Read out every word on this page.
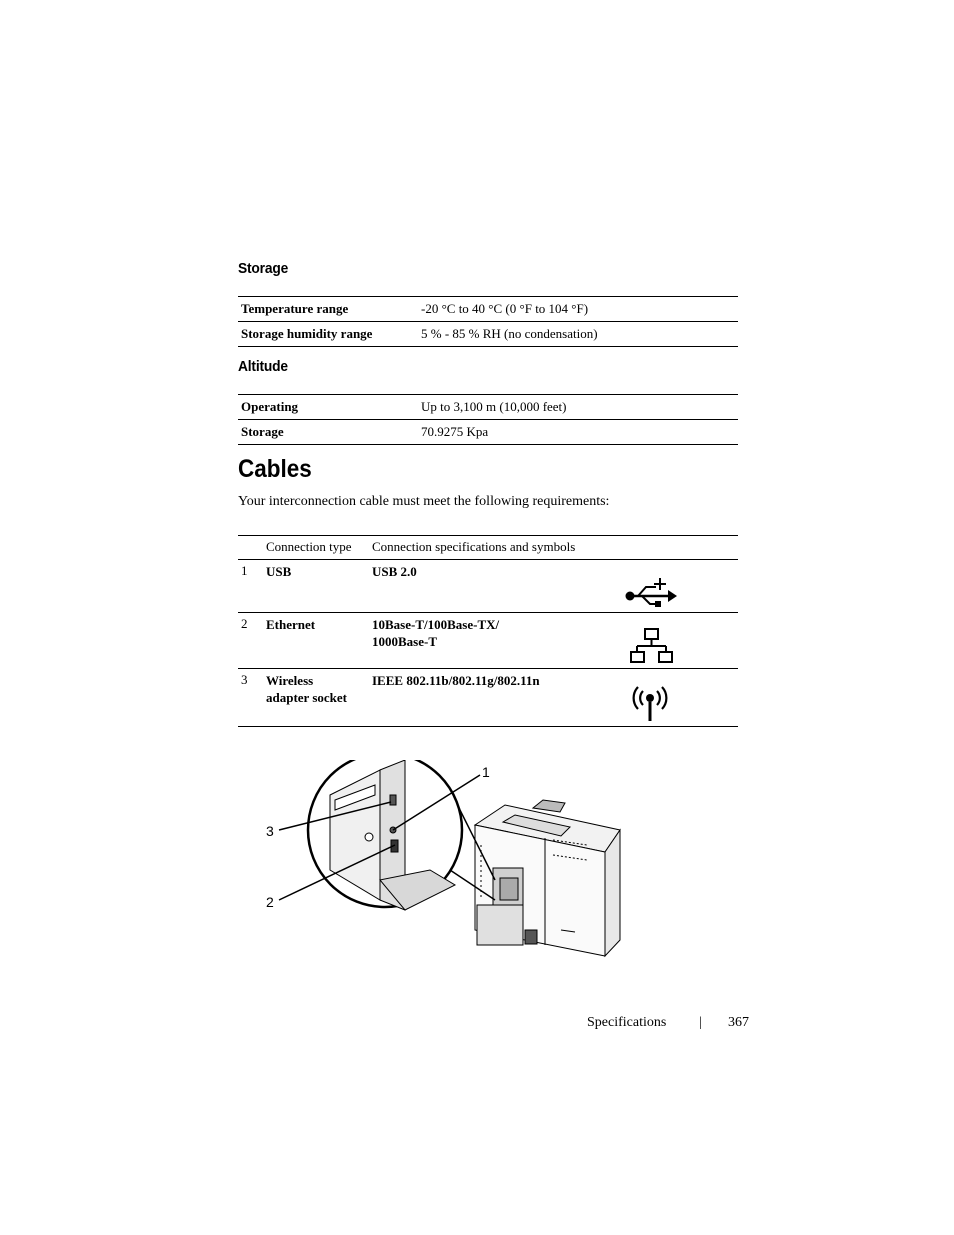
Storage
Temperature range	-20 °C to 40 °C (0 °F to 104 °F)
Storage humidity range	5 % - 85 % RH (no condensation)
Altitude
Operating	Up to 3,100 m (10,000 feet)
Storage	70.9275 Kpa
Cables
Your interconnection cable must meet the following requirements:
	Connection type	Connection specifications and symbols	
1	USB	USB 2.0

2	Ethernet	10Base-T/100Base-TX/
1000Base-T

3	Wireless
adapter socket	IEEE 802.11b/802.11g/802.11n

1
3
2
Specifications | 367
